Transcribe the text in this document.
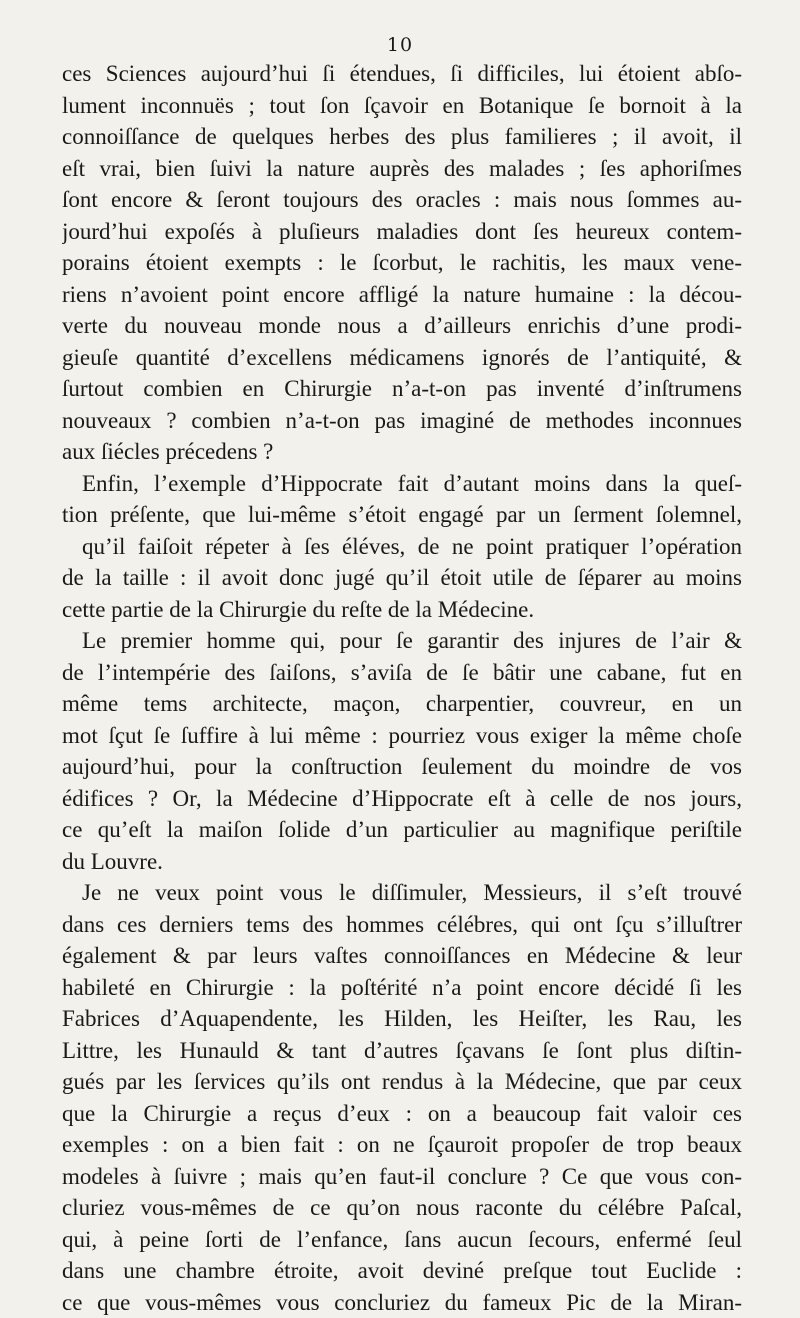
10
ces Sciences aujourd’hui ſi étendues, ſi difficiles, lui étoient abſo-
lument inconnuës ; tout ſon ſçavoir en Botanique ſe bornoit à la
connoiſſance de quelques herbes des plus familieres ; il avoit, il
eſt vrai, bien ſuivi la nature auprès des malades ; ſes aphoriſmes
ſont encore & ſeront toujours des oracles : mais nous ſommes au-
jourd’hui expoſés à pluſieurs maladies dont ſes heureux contem-
porains étoient exempts : le ſcorbut, le rachitis, les maux vene-
riens n’avoient point encore affligé la nature humaine : la décou-
verte du nouveau monde nous a d’ailleurs enrichis d’une prodi-
gieuſe quantité d’excellens médicamens ignorés de l’antiquité, &
ſurtout combien en Chirurgie n’a-t-on pas inventé d’inſtrumens
nouveaux ? combien n’a-t-on pas imaginé de methodes inconnues
aux ſiécles précedens ?
Enfin, l’exemple d’Hippocrate fait d’autant moins dans la queſ-
tion préſente, que lui-même s’étoit engagé par un ſerment ſolemnel,
qu’il faiſoit répeter à ſes éléves, de ne point pratiquer l’opération
de la taille : il avoit donc jugé qu’il étoit utile de ſéparer au moins
cette partie de la Chirurgie du reſte de la Médecine.
Le premier homme qui, pour ſe garantir des injures de l’air &
de l’intempérie des ſaiſons, s’aviſa de ſe bâtir une cabane, fut en
même tems architecte, maçon, charpentier, couvreur, en un
mot ſçut ſe ſuffire à lui même : pourriez vous exiger la même choſe
aujourd’hui, pour la conſtruction ſeulement du moindre de vos
édifices ? Or, la Médecine d’Hippocrate eſt à celle de nos jours,
ce qu’eſt la maiſon ſolide d’un particulier au magnifique periſtile
du Louvre.
Je ne veux point vous le diſſimuler, Messieurs, il s’eſt trouvé
dans ces derniers tems des hommes célébres, qui ont ſçu s’illuſtrer
également & par leurs vaſtes connoiſſances en Médecine & leur
habileté en Chirurgie : la poſtérité n’a point encore décidé ſi les
Fabrices d’Aquapendente, les Hilden, les Heiſter, les Rau, les
Littre, les Hunauld & tant d’autres ſçavans ſe ſont plus diſtin-
gués par les ſervices qu’ils ont rendus à la Médecine, que par ceux
que la Chirurgie a reçus d’eux : on a beaucoup fait valoir ces
exemples : on a bien fait : on ne ſçauroit propoſer de trop beaux
modeles à ſuivre ; mais qu’en faut-il conclure ? Ce que vous con-
cluriez vous-mêmes de ce qu’on nous raconte du célébre Paſcal,
qui, à peine ſorti de l’enfance, ſans aucun ſecours, enfermé ſeul
dans une chambre étroite, avoit deviné preſque tout Euclide :
ce que vous-mêmes vous concluriez du fameux Pic de la Miran-
